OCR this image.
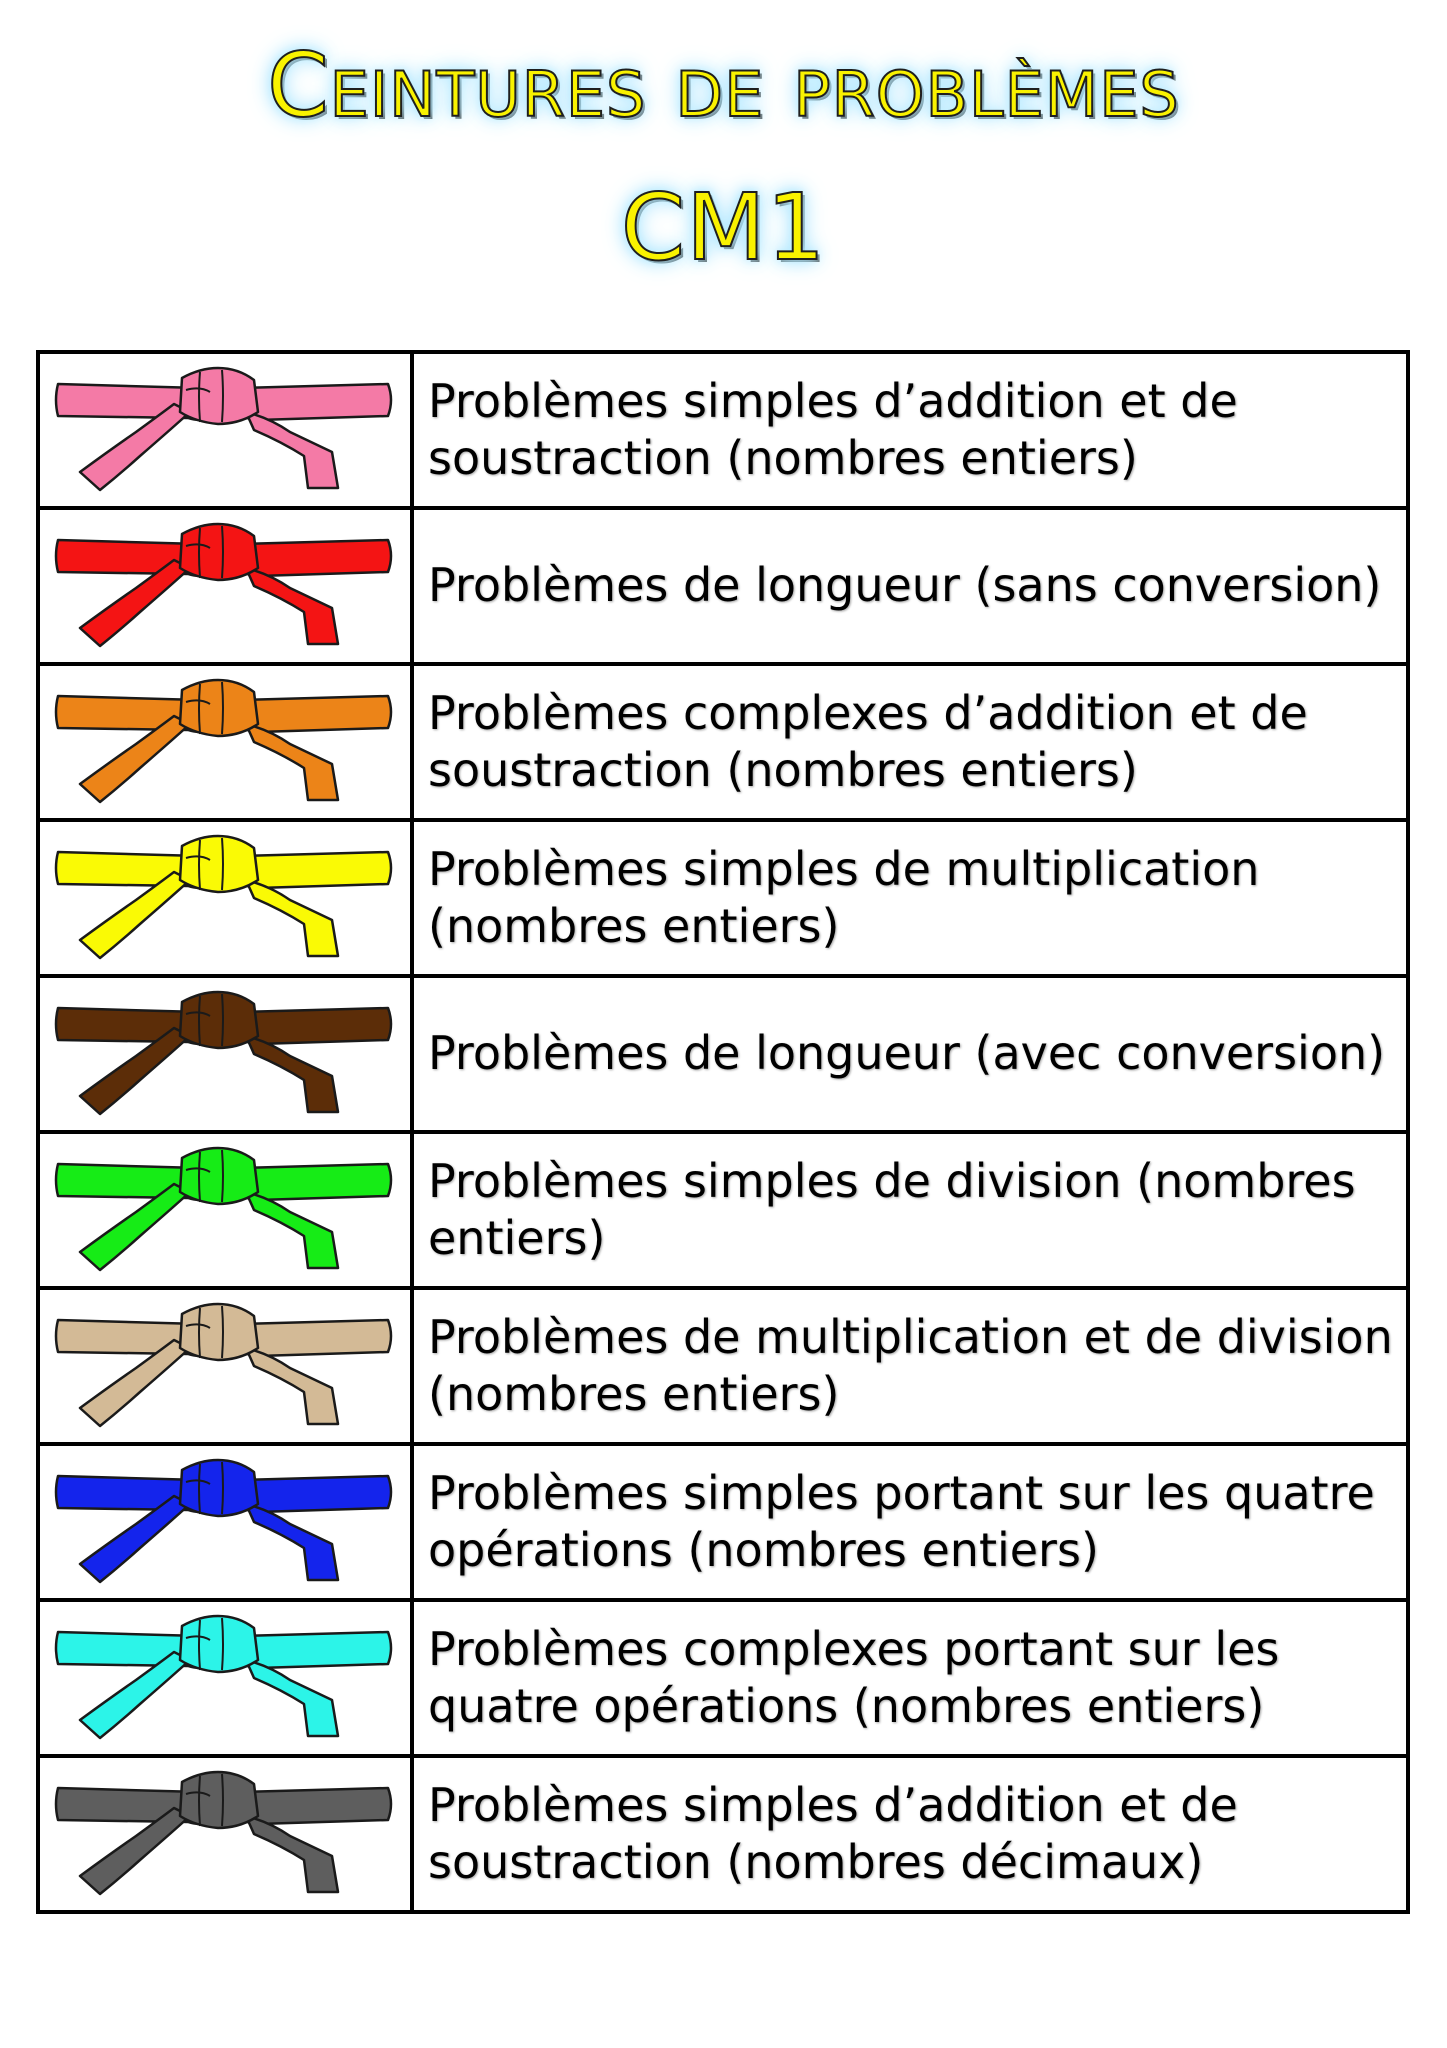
Ceintures de problèmes
CM1
	Problèmes simples d’addition et de soustraction (nombres entiers)

	Problèmes de longueur (sans conversion)

	Problèmes complexes d’addition et de soustraction (nombres entiers)

	Problèmes simples de multiplication (nombres entiers)

	Problèmes de longueur (avec conversion)

	Problèmes simples de division (nombres entiers)

	Problèmes de multiplication et de division (nombres entiers)

	Problèmes simples portant sur les quatre opérations (nombres entiers)

	Problèmes complexes portant sur les quatre opérations (nombres entiers)

	Problèmes simples d’addition et de soustraction (nombres décimaux)
